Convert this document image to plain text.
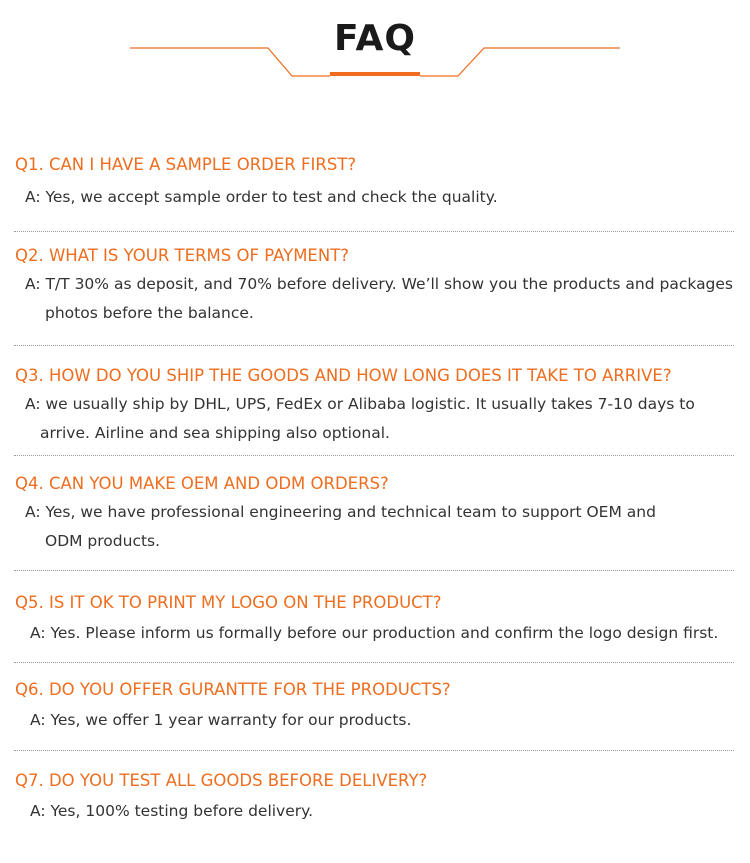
FAQ
Q1. CAN I HAVE A SAMPLE ORDER FIRST?
A: Yes, we accept sample order to test and check the quality.
Q2. WHAT IS YOUR TERMS OF PAYMENT?
A: T/T 30% as deposit, and 70% before delivery. We’ll show you the products and packages
photos before the balance.
Q3. HOW DO YOU SHIP THE GOODS AND HOW LONG DOES IT TAKE TO ARRIVE?
A: we usually ship by DHL, UPS, FedEx or Alibaba logistic. It usually takes 7-10 days to
arrive. Airline and sea shipping also optional.
Q4. CAN YOU MAKE OEM AND ODM ORDERS?
A: Yes, we have professional engineering and technical team to support OEM and
ODM products.
Q5. IS IT OK TO PRINT MY LOGO ON THE PRODUCT?
A: Yes. Please inform us formally before our production and confirm the logo design first.
Q6. DO YOU OFFER GURANTTE FOR THE PRODUCTS?
A: Yes, we offer 1 year warranty for our products.
Q7. DO YOU TEST ALL GOODS BEFORE DELIVERY?
A: Yes, 100% testing before delivery.
